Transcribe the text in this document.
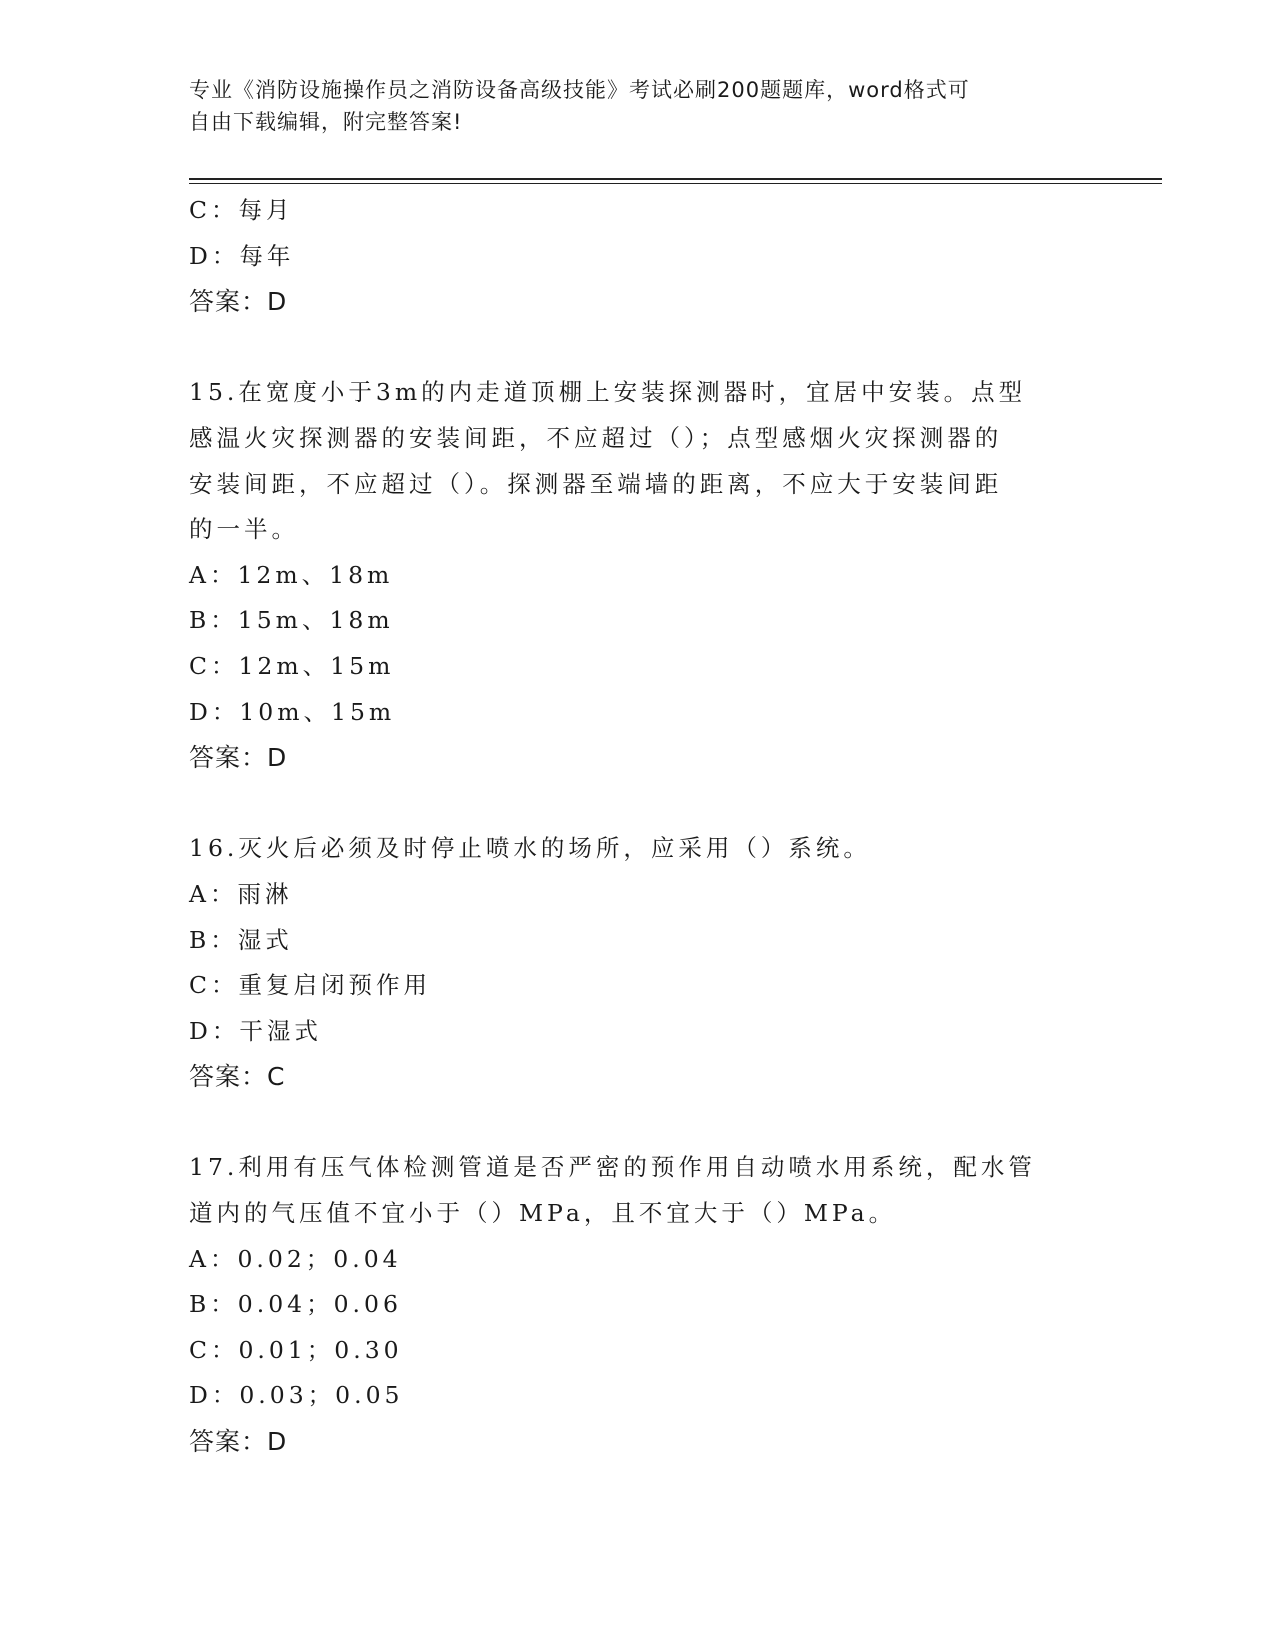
专业《消防设施操作员之消防设备高级技能》考试必刷200题题库，word格式可
自由下载编辑，附完整答案!
C：每月
D：每年
答案：D
15.在宽度小于3m的内走道顶棚上安装探测器时，宜居中安装。点型
感温火灾探测器的安装间距，不应超过（）；点型感烟火灾探测器的
安装间距，不应超过（）。探测器至端墙的距离，不应大于安装间距
的一半。
A：12m、18m
B：15m、18m
C：12m、15m
D：10m、15m
答案：D
16.灭火后必须及时停止喷水的场所，应采用（）系统。
A：雨淋
B：湿式
C：重复启闭预作用
D：干湿式
答案：C
17.利用有压气体检测管道是否严密的预作用自动喷水用系统，配水管
道内的气压值不宜小于（）MPa，且不宜大于（）MPa。
A：0.02；0.04
B：0.04；0.06
C：0.01；0.30
D：0.03；0.05
答案：D
